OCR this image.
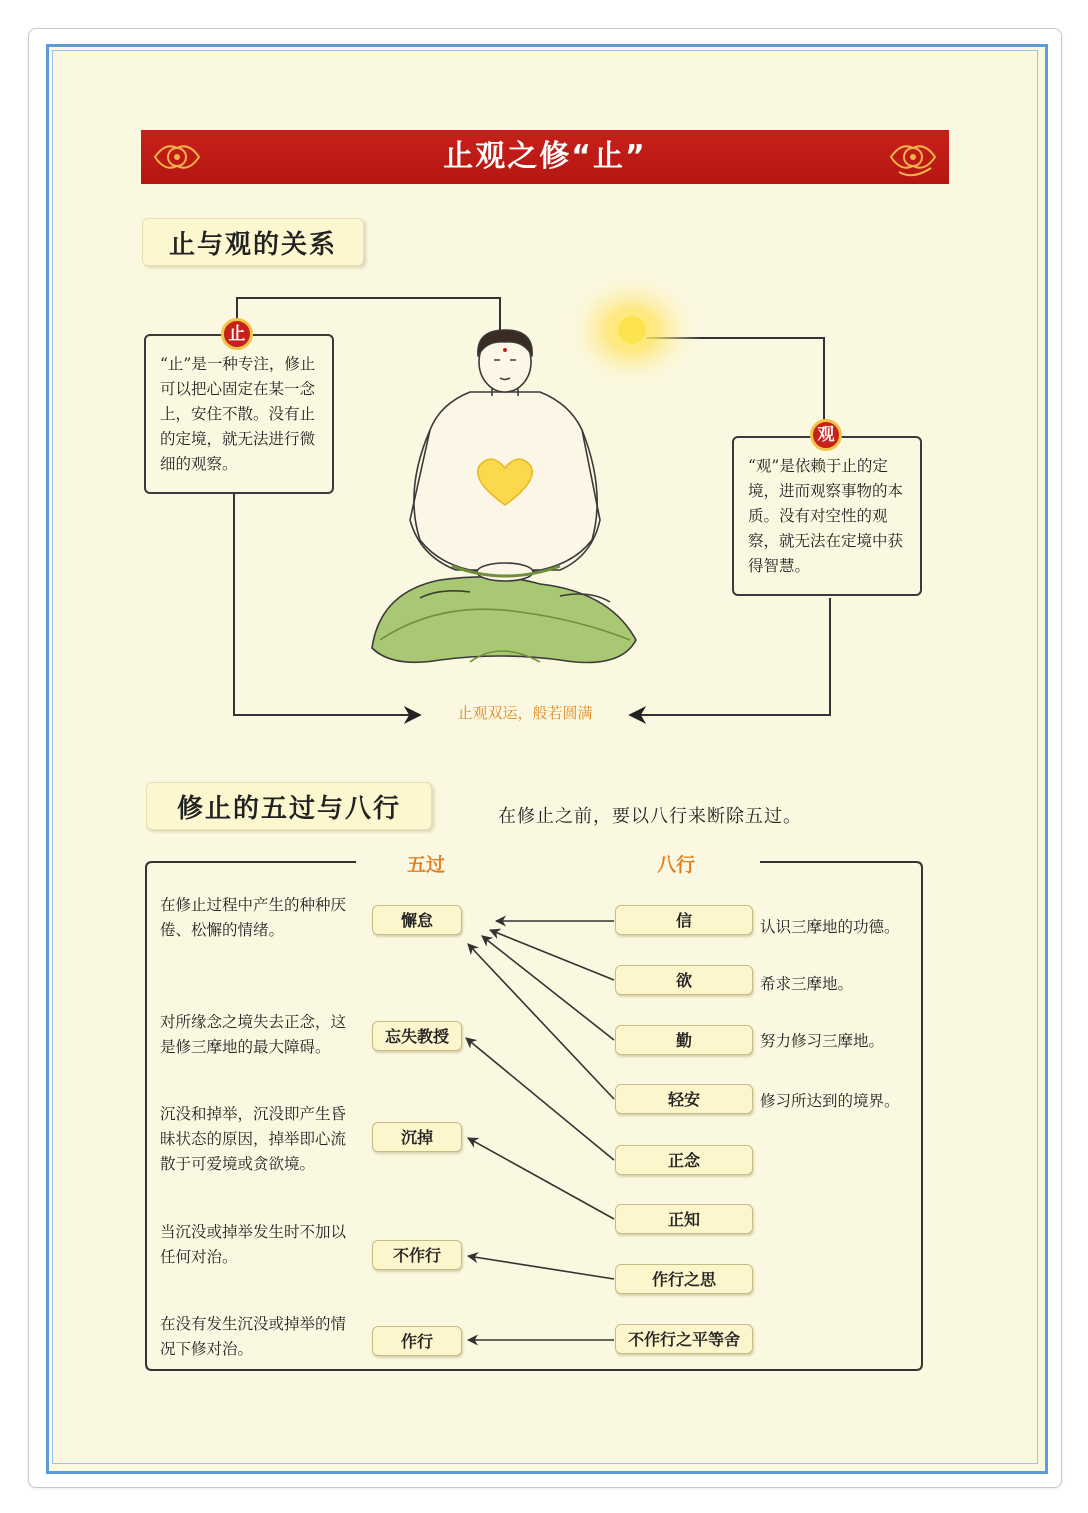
止观之修“止”
止与观的关系
“止”是一种专注，修止可以把心固定在某一念上，安住不散。没有止的定境，就无法进行微细的观察。
止
“观”是依赖于止的定境，进而观察事物的本质。没有对空性的观察，就无法在定境中获得智慧。
观
止观双运，般若圆满
修止的五过与八行	在修止之前，要以八行来断除五过。
五过	八行
在修止过程中产生的种种厌倦、松懈的情绪。
对所缘念之境失去正念，这是修三摩地的最大障碍。
沉没和掉举，沉没即产生昏昧状态的原因，掉举即心流散于可爱境或贪欲境。
当沉没或掉举发生时不加以任何对治。
在没有发生沉没或掉举的情况下修对治。
懈怠
忘失教授
沉掉
不作行
作行
信
欲
勤
轻安
正念
正知
作行之思
不作行之平等舍
认识三摩地的功德。
希求三摩地。
努力修习三摩地。
修习所达到的境界。
